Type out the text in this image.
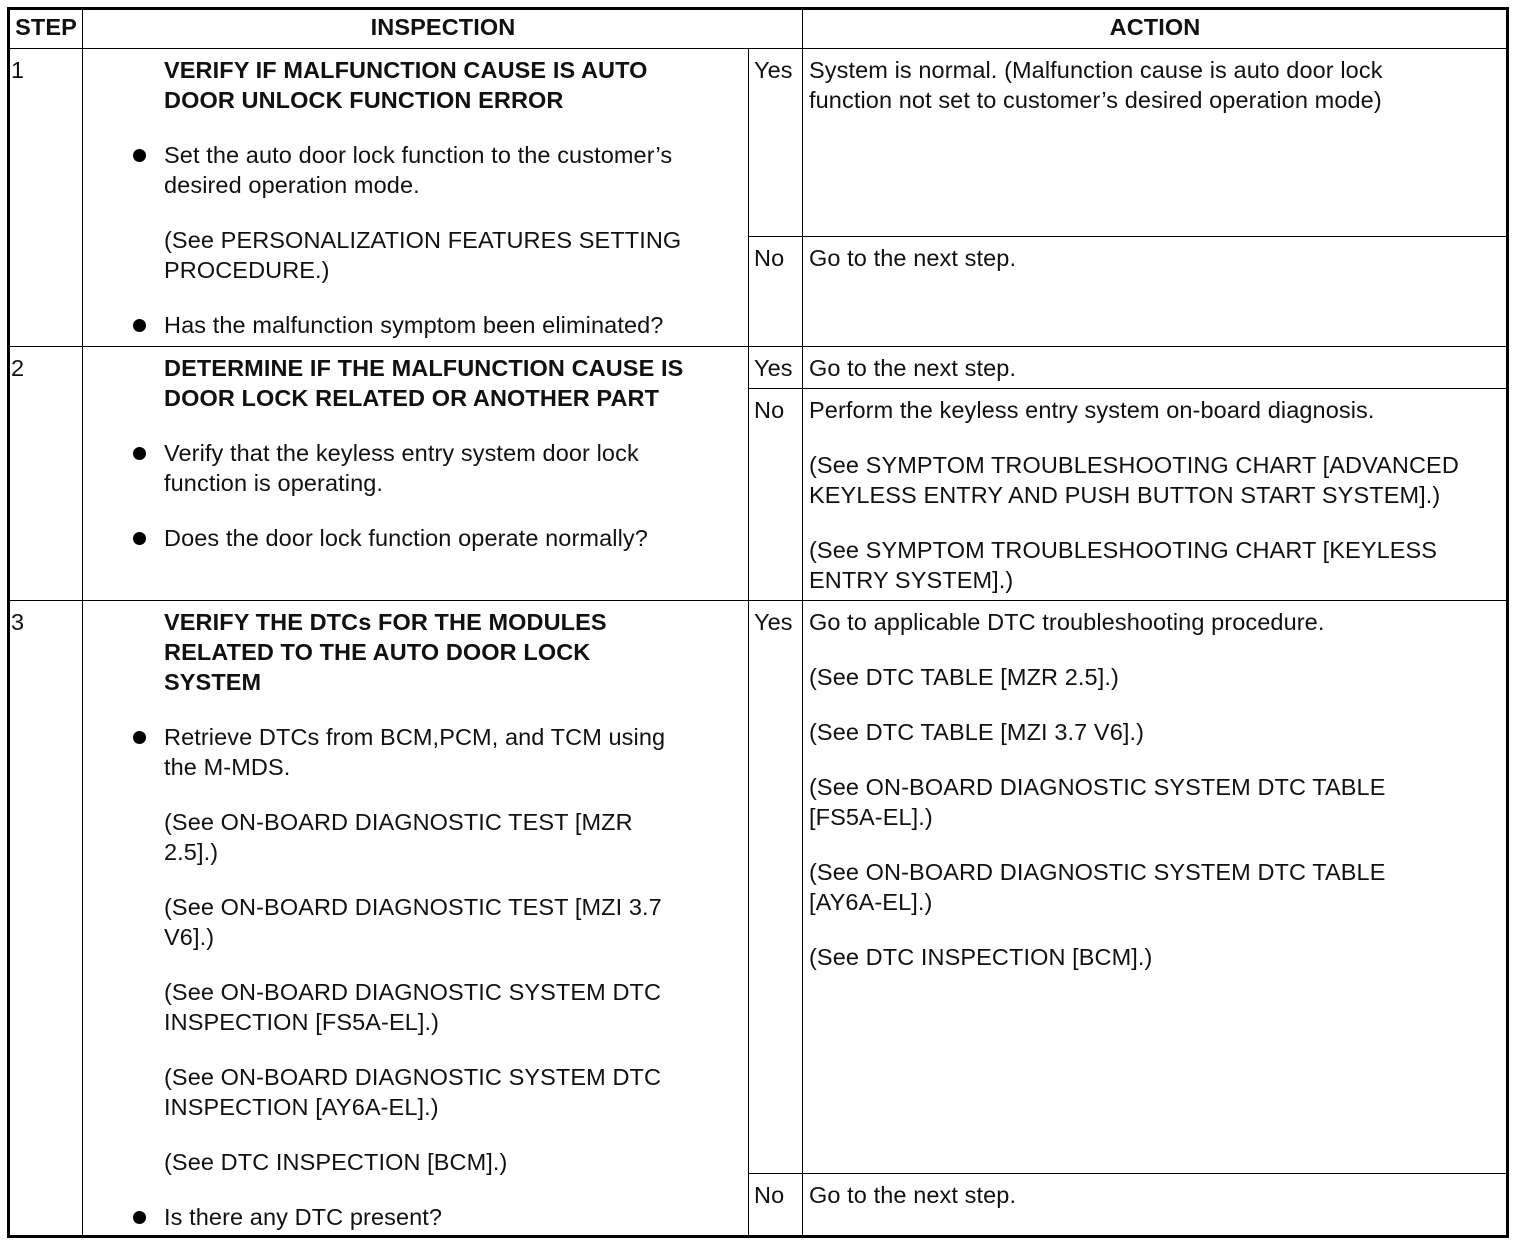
STEP	INSPECTION	ACTION
1	VERIFY IF MALFUNCTION CAUSE IS AUTO
DOOR UNLOCK FUNCTION ERROR
Set the auto door lock function to the customer’s
desired operation mode.
(See PERSONALIZATION FEATURES SETTING
PROCEDURE.)
Has the malfunction symptom been eliminated?
Yes System is normal. (Malfunction cause is auto door lock
function not set to customer’s desired operation mode)
No Go to the next step.
2	DETERMINE IF THE MALFUNCTION CAUSE IS
DOOR LOCK RELATED OR ANOTHER PART
Verify that the keyless entry system door lock
function is operating.
Does the door lock function operate normally?
Yes Go to the next step.
No Perform the keyless entry system on-board diagnosis.
(See SYMPTOM TROUBLESHOOTING CHART [ADVANCED
KEYLESS ENTRY AND PUSH BUTTON START SYSTEM].)
(See SYMPTOM TROUBLESHOOTING CHART [KEYLESS
ENTRY SYSTEM].)
3	VERIFY THE DTCs FOR THE MODULES
RELATED TO THE AUTO DOOR LOCK
SYSTEM
Retrieve DTCs from BCM,PCM, and TCM using
the M-MDS.
(See ON-BOARD DIAGNOSTIC TEST [MZR
2.5].)
(See ON-BOARD DIAGNOSTIC TEST [MZI 3.7
V6].)
(See ON-BOARD DIAGNOSTIC SYSTEM DTC
INSPECTION [FS5A-EL].)
(See ON-BOARD DIAGNOSTIC SYSTEM DTC
INSPECTION [AY6A-EL].)
(See DTC INSPECTION [BCM].)
Is there any DTC present?
Yes Go to applicable DTC troubleshooting procedure.
(See DTC TABLE [MZR 2.5].)
(See DTC TABLE [MZI 3.7 V6].)
(See ON-BOARD DIAGNOSTIC SYSTEM DTC TABLE
[FS5A-EL].)
(See ON-BOARD DIAGNOSTIC SYSTEM DTC TABLE
[AY6A-EL].)
(See DTC INSPECTION [BCM].)
No Go to the next step.
